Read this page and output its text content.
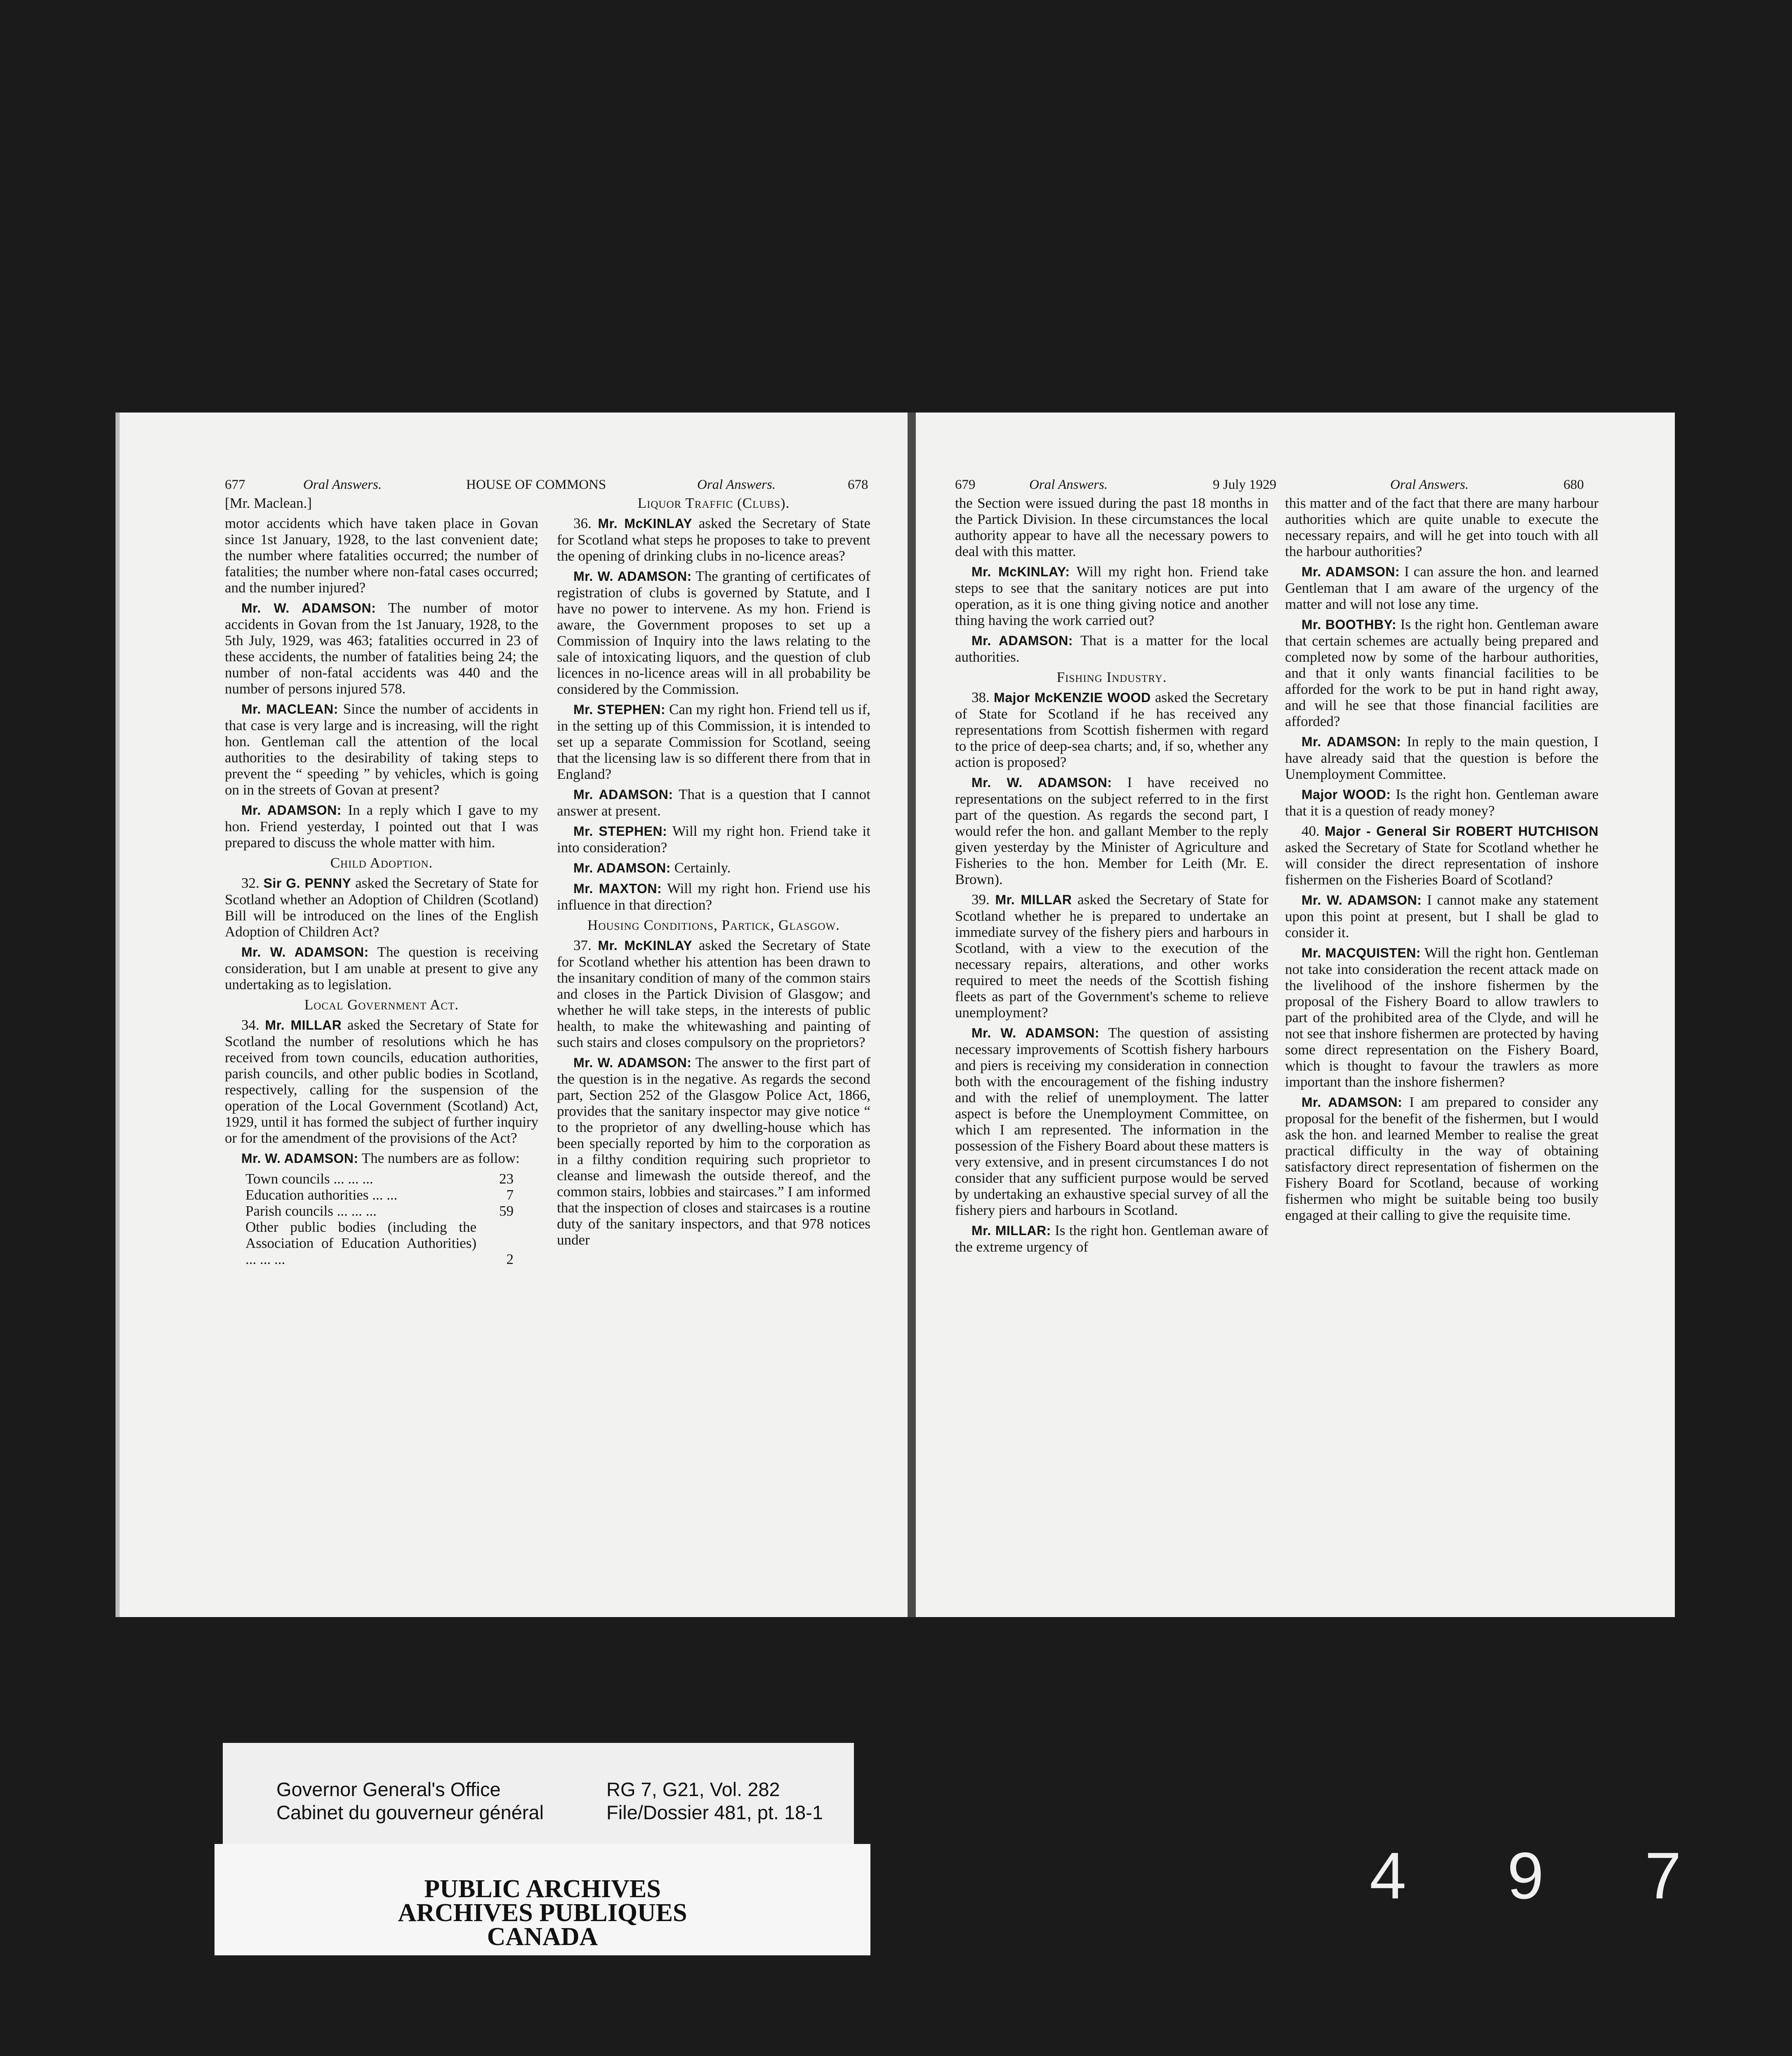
677	Oral Answers.	HOUSE OF COMMONS	Oral Answers.	678

[Mr. Maclean.]

motor accidents which have taken place in Govan since 1st January, 1928, to the last convenient date; the number where fatalities occurred; the number of fatalities; the number where non-fatal cases occurred; and the number injured?

Mr. W. ADAMSON: The number of motor accidents in Govan from the 1st January, 1928, to the 5th July, 1929, was 463; fatalities occurred in 23 of these accidents, the number of fatalities being 24; the number of non-fatal accidents was 440 and the number of persons injured 578.

Mr. MACLEAN: Since the number of accidents in that case is very large and is increasing, will the right hon. Gentleman call the attention of the local authorities to the desirability of taking steps to prevent the “ speeding ” by vehicles, which is going on in the streets of Govan at present?

Mr. ADAMSON: In a reply which I gave to my hon. Friend yesterday, I pointed out that I was prepared to discuss the whole matter with him.

Child Adoption.

32. Sir G. PENNY asked the Secretary of State for Scotland whether an Adoption of Children (Scotland) Bill will be introduced on the lines of the English Adoption of Children Act?

Mr. W. ADAMSON: The question is receiving consideration, but I am unable at present to give any undertaking as to legislation.

Local Government Act.

34. Mr. MILLAR asked the Secretary of State for Scotland the number of resolutions which he has received from town councils, education authorities, parish councils, and other public bodies in Scotland, respectively, calling for the suspension of the operation of the Local Government (Scotland) Act, 1929, until it has formed the subject of further inquiry or for the amendment of the provisions of the Act?

Mr. W. ADAMSON: The numbers are as follow:

Town councils ... ... ...	23
Education authorities ... ...	7
Parish councils ... ... ...	59
Other public bodies (including the Association of Education Authorities) ... ... ...	2
Liquor Traffic (Clubs).

36. Mr. McKINLAY asked the Secretary of State for Scotland what steps he proposes to take to prevent the opening of drinking clubs in no-licence areas?

Mr. W. ADAMSON: The granting of certificates of registration of clubs is governed by Statute, and I have no power to intervene. As my hon. Friend is aware, the Government proposes to set up a Commission of Inquiry into the laws relating to the sale of intoxicating liquors, and the question of club licences in no-licence areas will in all probability be considered by the Commission.

Mr. STEPHEN: Can my right hon. Friend tell us if, in the setting up of this Commission, it is intended to set up a separate Commission for Scotland, seeing that the licensing law is so different there from that in England?

Mr. ADAMSON: That is a question that I cannot answer at present.

Mr. STEPHEN: Will my right hon. Friend take it into consideration?

Mr. ADAMSON: Certainly.

Mr. MAXTON: Will my right hon. Friend use his influence in that direction?

Housing Conditions, Partick, Glasgow.

37. Mr. McKINLAY asked the Secretary of State for Scotland whether his attention has been drawn to the insanitary condition of many of the common stairs and closes in the Partick Division of Glasgow; and whether he will take steps, in the interests of public health, to make the whitewashing and painting of such stairs and closes compulsory on the proprietors?

Mr. W. ADAMSON: The answer to the first part of the question is in the negative. As regards the second part, Section 252 of the Glasgow Police Act, 1866, provides that the sanitary inspector may give notice “ to the proprietor of any dwelling-house which has been specially reported by him to the corporation as in a filthy condition requiring such proprietor to cleanse and limewash the outside thereof, and the common stairs, lobbies and staircases.” I am informed that the inspection of closes and staircases is a routine duty of the sanitary inspectors, and that 978 notices under

679	Oral Answers.	9 July 1929	Oral Answers.	680

the Section were issued during the past 18 months in the Partick Division. In these circumstances the local authority appear to have all the necessary powers to deal with this matter.

Mr. McKINLAY: Will my right hon. Friend take steps to see that the sanitary notices are put into operation, as it is one thing giving notice and another thing having the work carried out?

Mr. ADAMSON: That is a matter for the local authorities.

Fishing Industry.

38. Major McKENZIE WOOD asked the Secretary of State for Scotland if he has received any representations from Scottish fishermen with regard to the price of deep-sea charts; and, if so, whether any action is proposed?

Mr. W. ADAMSON: I have received no representations on the subject referred to in the first part of the question. As regards the second part, I would refer the hon. and gallant Member to the reply given yesterday by the Minister of Agriculture and Fisheries to the hon. Member for Leith (Mr. E. Brown).

39. Mr. MILLAR asked the Secretary of State for Scotland whether he is prepared to undertake an immediate survey of the fishery piers and harbours in Scotland, with a view to the execution of the necessary repairs, alterations, and other works required to meet the needs of the Scottish fishing fleets as part of the Government's scheme to relieve unemployment?

Mr. W. ADAMSON: The question of assisting necessary improvements of Scottish fishery harbours and piers is receiving my consideration in connection both with the encouragement of the fishing industry and with the relief of unemployment. The latter aspect is before the Unemployment Committee, on which I am represented. The information in the possession of the Fishery Board about these matters is very extensive, and in present circumstances I do not consider that any sufficient purpose would be served by undertaking an exhaustive special survey of all the fishery piers and harbours in Scotland.

Mr. MILLAR: Is the right hon. Gentleman aware of the extreme urgency of

this matter and of the fact that there are many harbour authorities which are quite unable to execute the necessary repairs, and will he get into touch with all the harbour authorities?

Mr. ADAMSON: I can assure the hon. and learned Gentleman that I am aware of the urgency of the matter and will not lose any time.

Mr. BOOTHBY: Is the right hon. Gentleman aware that certain schemes are actually being prepared and completed now by some of the harbour authorities, and that it only wants financial facilities to be afforded for the work to be put in hand right away, and will he see that those financial facilities are afforded?

Mr. ADAMSON: In reply to the main question, I have already said that the question is before the Unemployment Committee.

Major WOOD: Is the right hon. Gentleman aware that it is a question of ready money?

40. Major - General Sir ROBERT HUTCHISON asked the Secretary of State for Scotland whether he will consider the direct representation of inshore fishermen on the Fisheries Board of Scotland?

Mr. W. ADAMSON: I cannot make any statement upon this point at present, but I shall be glad to consider it.

Mr. MACQUISTEN: Will the right hon. Gentleman not take into consideration the recent attack made on the livelihood of the inshore fishermen by the proposal of the Fishery Board to allow trawlers to part of the prohibited area of the Clyde, and will he not see that inshore fishermen are protected by having some direct representation on the Fishery Board, which is thought to favour the trawlers as more important than the inshore fishermen?

Mr. ADAMSON: I am prepared to consider any proposal for the benefit of the fishermen, but I would ask the hon. and learned Member to realise the great practical difficulty in the way of obtaining satisfactory direct representation of fishermen on the Fishery Board for Scotland, because of working fishermen who might be suitable being too busily engaged at their calling to give the requisite time.

Governor General's Office
Cabinet du gouverneur général
RG 7, G21, Vol. 282
File/Dossier 481, pt. 18-1
PUBLIC ARCHIVES
ARCHIVES PUBLIQUES
CANADA
4 9 7
